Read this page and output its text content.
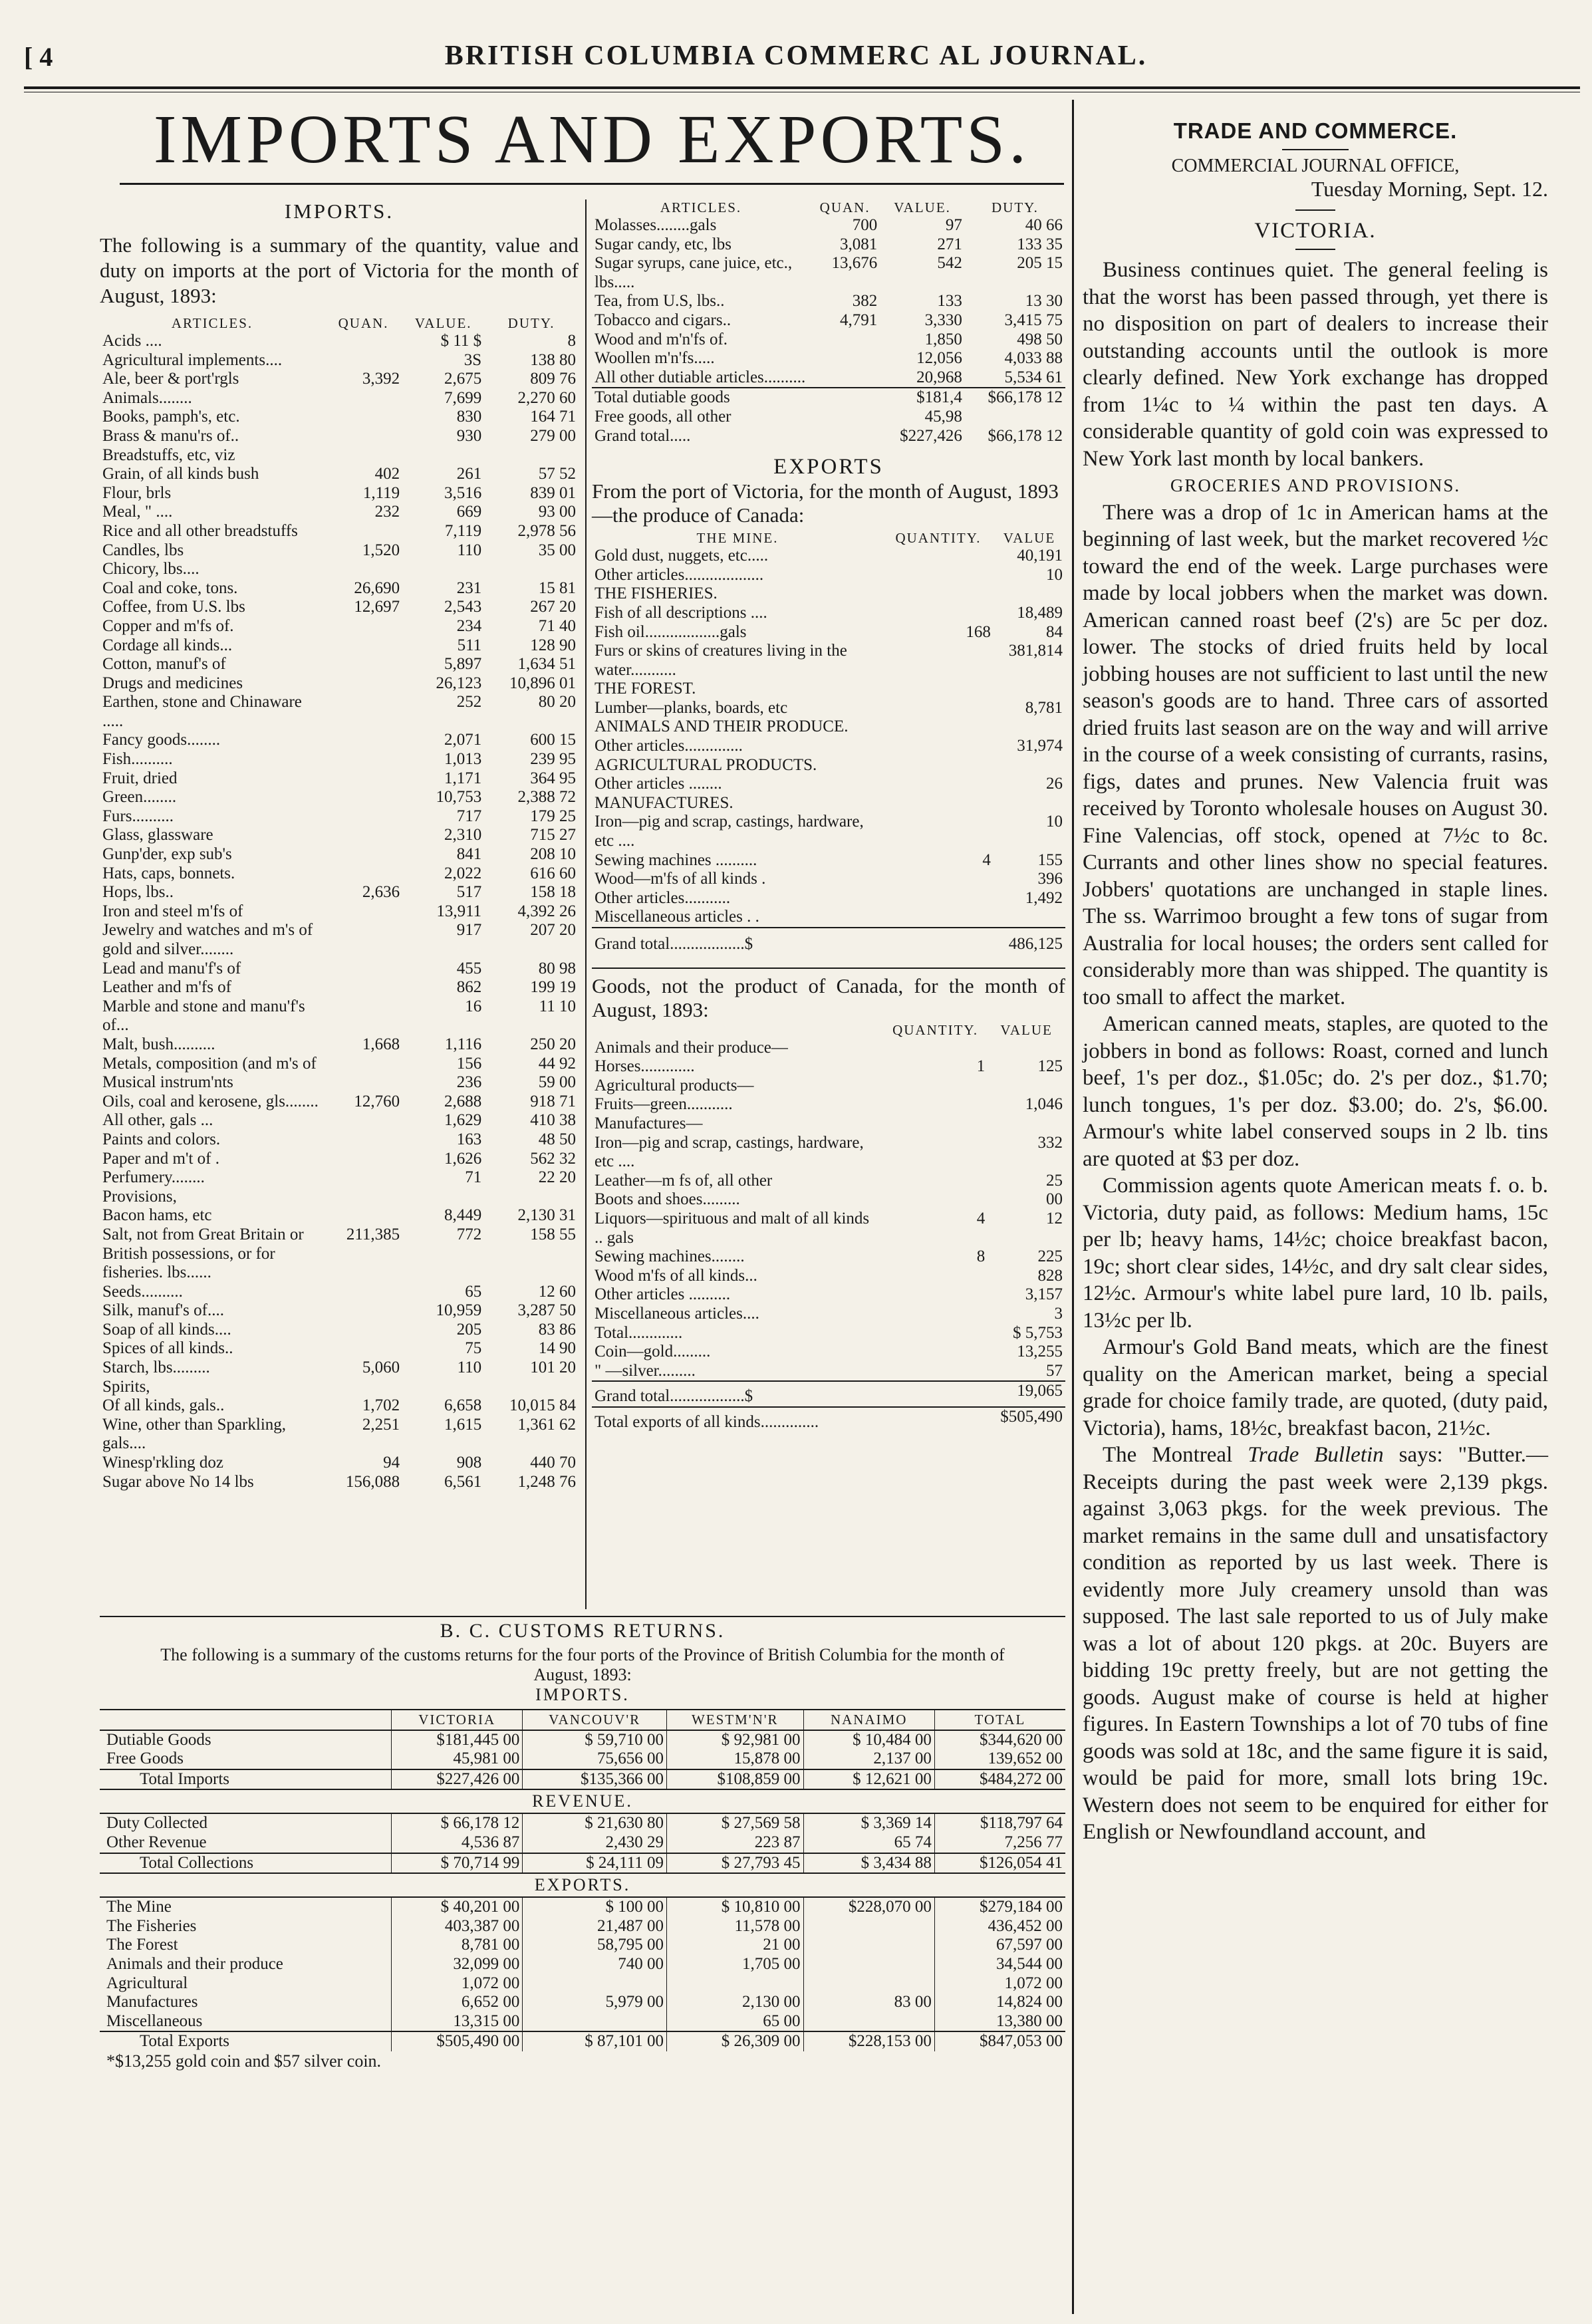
[ 4	BRITISH COLUMBIA COMMERC AL JOURNAL.
IMPORTS AND EXPORTS.
IMPORTS.
The following is a summary of the quantity, value and duty on imports at the port of Victoria for the month of August, 1893:
ARTICLES.	QUAN.	VALUE.	DUTY.
Acids ....		$ 11 $	8
Agricultural implements....		3S	138 80
Ale, beer & port'rgls	3,392	2,675	809 76
Animals........		7,699	2,270 60
Books, pamph's, etc.		830	164 71
Brass & manu'rs of..		930	279 00
Breadstuffs, etc, viz			
Grain, of all kinds bush	402	261	57 52
Flour, brls	1,119	3,516	839 01
Meal, " ....	232	669	93 00
Rice and all other breadstuffs		7,119	2,978 56
Candles, lbs	1,520	110	35 00
Chicory, lbs....			
Coal and coke, tons.	26,690	231	15 81
Coffee, from U.S. lbs	12,697	2,543	267 20
Copper and m'fs of.		234	71 40
Cordage all kinds...		511	128 90
Cotton, manuf's of		5,897	1,634 51
Drugs and medicines		26,123	10,896 01
Earthen, stone and Chinaware .....		252	80 20
Fancy goods........		2,071	600 15
Fish..........		1,013	239 95
Fruit, dried		1,171	364 95
Green........		10,753	2,388 72
Furs..........		717	179 25
Glass, glassware		2,310	715 27
Gunp'der, exp sub's		841	208 10
Hats, caps, bonnets.		2,022	616 60
Hops, lbs..	2,636	517	158 18
Iron and steel m'fs of		13,911	4,392 26
Jewelry and watches and m's of gold and silver........		917	207 20
Lead and manu'f's of		455	80 98
Leather and m'fs of		862	199 19
Marble and stone and manu'f's of...		16	11 10
Malt, bush..........	1,668	1,116	250 20
Metals, composition (and m's of		156	44 92
Musical instrum'nts		236	59 00
Oils, coal and kerosene, gls........	12,760	2,688	918 71
All other, gals ...		1,629	410 38
Paints and colors.		163	48 50
Paper and m't of .		1,626	562 32
Perfumery........		71	22 20
Provisions,			
Bacon hams, etc		8,449	2,130 31
Salt, not from Great Britain or British possessions, or for fisheries. lbs......	211,385	772	158 55
Seeds..........		65	12 60
Silk, manuf's of....		10,959	3,287 50
Soap of all kinds....		205	83 86
Spices of all kinds..		75	14 90
Starch, lbs.........	5,060	110	101 20
Spirits,			
Of all kinds, gals..	1,702	6,658	10,015 84
Wine, other than Sparkling, gals....	2,251	1,615	1,361 62
Winesp'rkling doz	94	908	440 70
Sugar above No 14 lbs	156,088	6,561	1,248 76
ARTICLES.	QUAN.	VALUE.	DUTY.
Molasses........gals	700	97	40 66
Sugar candy, etc, lbs	3,081	271	133 35
Sugar syrups, cane juice, etc., lbs.....	13,676	542	205 15
Tea, from U.S, lbs..	382	133	13 30
Tobacco and cigars..	4,791	3,330	3,415 75
Wood and m'n'fs of.		1,850	498 50
Woollen m'n'fs.....		12,056	4,033 88
All other dutiable articles..........		20,968	5,534 61
Total dutiable goods		$181,4	$66,178 12
Free goods, all other		45,98	
Grand total.....		$227,426	$66,178 12
EXPORTS
From the port of Victoria, for the month of August, 1893—the produce of Canada:
THE MINE.	QUANTITY.	VALUE
Gold dust, nuggets, etc.....		40,191
Other articles...................		10
THE FISHERIES.		
Fish of all descriptions ....		18,489
Fish oil..................gals	168	84
Furs or skins of creatures living in the water...........		381,814
THE FOREST.		
Lumber—planks, boards, etc		8,781
ANIMALS AND THEIR PRODUCE.		
Other articles..............		31,974
AGRICULTURAL PRODUCTS.		
Other articles ........		26
MANUFACTURES.		
Iron—pig and scrap, castings, hardware, etc ....		10
Sewing machines ..........	4	155
Wood—m'fs of all kinds .		396
Other articles...........		1,492
Miscellaneous articles . .		
Grand total..................$		486,125
Goods, not the product of Canada, for the month of August, 1893:
	QUANTITY.	VALUE
Animals and their produce—		
Horses.............	1	125
Agricultural products—		
Fruits—green...........		1,046
Manufactures—		
Iron—pig and scrap, castings, hardware, etc ....		332
Leather—m fs of, all other		25
Boots and shoes.........		00
Liquors—spirituous and malt of all kinds .. gals	4	12
Sewing machines........	8	225
Wood m'fs of all kinds...		828
Other articles ..........		3,157
Miscellaneous articles....		3
Total.............		$ 5,753
Coin—gold.........		13,255
" —silver.........		57
Grand total..................$		19,065
Total exports of all kinds..............		$505,490
B. C. CUSTOMS RETURNS.
The following is a summary of the customs returns for the four ports of the Province of British Columbia for the month of August, 1893:
IMPORTS.
	VICTORIA	VANCOUV'R	WESTM'N'R	NANAIMO	TOTAL
Dutiable Goods	$181,445 00	$ 59,710 00	$ 92,981 00	$ 10,484 00	$344,620 00
Free Goods	45,981 00	75,656 00	15,878 00	2,137 00	139,652 00
Total Imports	$227,426 00	$135,366 00	$108,859 00	$ 12,621 00	$484,272 00
REVENUE.					
Duty Collected	$ 66,178 12	$ 21,630 80	$ 27,569 58	$ 3,369 14	$118,797 64
Other Revenue	4,536 87	2,430 29	223 87	65 74	7,256 77
Total Collections	$ 70,714 99	$ 24,111 09	$ 27,793 45	$ 3,434 88	$126,054 41
EXPORTS.					
The Mine	$ 40,201 00	$ 100 00	$ 10,810 00	$228,070 00	$279,184 00
The Fisheries	403,387 00	21,487 00	11,578 00		436,452 00
The Forest	8,781 00	58,795 00	21 00		67,597 00
Animals and their produce	32,099 00	740 00	1,705 00		34,544 00
Agricultural	1,072 00				1,072 00
Manufactures	6,652 00	5,979 00	2,130 00	83 00	14,824 00
Miscellaneous	13,315 00		65 00		13,380 00
Total Exports	$505,490 00	$ 87,101 00	$ 26,309 00	$228,153 00	$847,053 00
*$13,255 gold coin and $57 silver coin.
TRADE AND COMMERCE.
COMMERCIAL JOURNAL OFFICE,
Tuesday Morning, Sept. 12.
VICTORIA.
Business continues quiet. The general feeling is that the worst has been passed through, yet there is no disposition on part of dealers to increase their outstanding accounts until the outlook is more clearly defined. New York exchange has dropped from 1¼c to ¼ within the past ten days. A considerable quantity of gold coin was expressed to New York last month by local bankers.
GROCERIES AND PROVISIONS.
There was a drop of 1c in American hams at the beginning of last week, but the market recovered ½c toward the end of the week. Large purchases were made by local jobbers when the market was down. American canned roast beef (2's) are 5c per doz. lower. The stocks of dried fruits held by local jobbing houses are not sufficient to last until the new season's goods are to hand. Three cars of assorted dried fruits last season are on the way and will arrive in the course of a week consisting of currants, rasins, figs, dates and prunes. New Valencia fruit was received by Toronto wholesale houses on August 30. Fine Valencias, off stock, opened at 7½c to 8c. Currants and other lines show no special features. Jobbers' quotations are unchanged in staple lines. The ss. Warrimoo brought a few tons of sugar from Australia for local houses; the orders sent called for considerably more than was shipped. The quantity is too small to affect the market.
American canned meats, staples, are quoted to the jobbers in bond as follows: Roast, corned and lunch beef, 1's per doz., $1.05c; do. 2's per doz., $1.70; lunch tongues, 1's per doz. $3.00; do. 2's, $6.00. Armour's white label conserved soups in 2 lb. tins are quoted at $3 per doz.
Commission agents quote American meats f. o. b. Victoria, duty paid, as follows: Medium hams, 15c per lb; heavy hams, 14½c; choice breakfast bacon, 19c; short clear sides, 14½c, and dry salt clear sides, 12½c. Armour's white label pure lard, 10 lb. pails, 13½c per lb.
Armour's Gold Band meats, which are the finest quality on the American market, being a special grade for choice family trade, are quoted, (duty paid, Victoria), hams, 18½c, breakfast bacon, 21½c.
The Montreal Trade Bulletin says: "Butter.—Receipts during the past week were 2,139 pkgs. against 3,063 pkgs. for the week previous. The market remains in the same dull and unsatisfactory condition as reported by us last week. There is evidently more July creamery unsold than was supposed. The last sale reported to us of July make was a lot of about 120 pkgs. at 20c. Buyers are bidding 19c pretty freely, but are not getting the goods. August make of course is held at higher figures. In Eastern Townships a lot of 70 tubs of fine goods was sold at 18c, and the same figure it is said, would be paid for more, small lots bring 19c. Western does not seem to be enquired for either for English or Newfoundland account, and
